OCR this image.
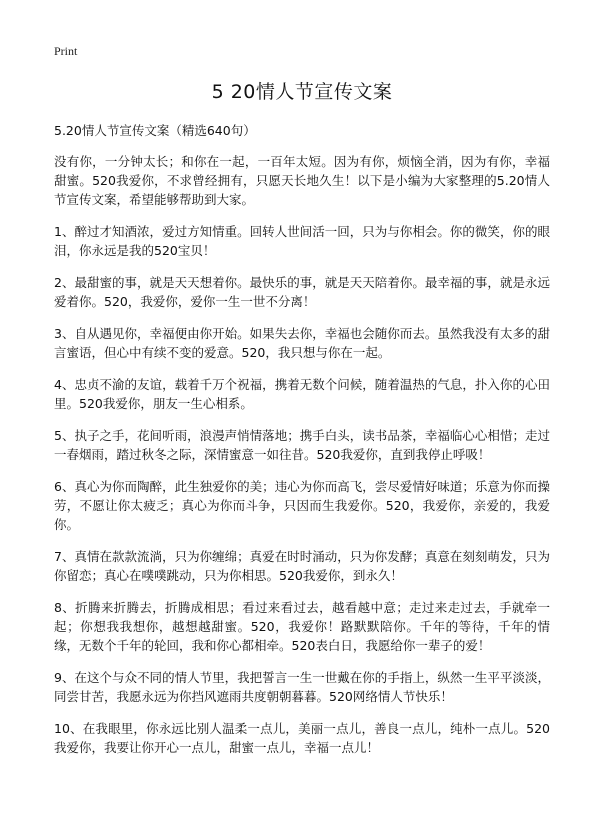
Print
5 20情人节宣传文案
5.20情人节宣传文案（精选640句）

没有你，一分钟太长；和你在一起，一百年太短。因为有你，烦恼全消，因为有你，幸福甜蜜。520我爱你，不求曾经拥有，只愿天长地久生！以下是小编为大家整理的5.20情人节宣传文案，希望能够帮助到大家。

1、醉过才知酒浓，爱过方知情重。回转人世间活一回，只为与你相会。你的微笑，你的眼泪，你永远是我的520宝贝！

2、最甜蜜的事，就是天天想着你。最快乐的事，就是天天陪着你。最幸福的事，就是永远爱着你。520，我爱你，爱你一生一世不分离！

3、自从遇见你，幸福便由你开始。如果失去你，幸福也会随你而去。虽然我没有太多的甜言蜜语，但心中有续不变的爱意。520，我只想与你在一起。

4、忠贞不渝的友谊，载着千万个祝福，携着无数个问候，随着温热的气息，扑入你的心田里。520我爱你，朋友一生心相系。

5、执子之手，花间听雨，浪漫声悄情落地；携手白头，读书品茶，幸福临心心相惜；走过一春烟雨，踏过秋冬之际，深情蜜意一如往昔。520我爱你，直到我停止呼吸！

6、真心为你而陶醉，此生独爱你的美；违心为你而高飞，尝尽爱情好味道；乐意为你而操劳，不愿让你太疲乏；真心为你而斗争，只因而生我爱你。520，我爱你，亲爱的，我爱你。

7、真情在款款流淌，只为你缠绵；真爱在时时涌动，只为你发酵；真意在刻刻萌发，只为你留恋；真心在噗噗跳动，只为你相思。520我爱你，到永久！

8、折腾来折腾去，折腾成相思；看过来看过去，越看越中意；走过来走过去，手就牵一起；你想我我想你，越想越甜蜜。520，我爱你！路默默陪你。千年的等待，千年的情缘，无数个千年的轮回，我和你心都相牵。520表白日，我愿给你一辈子的爱！

9、在这个与众不同的情人节里，我把誓言一生一世戴在你的手指上，纵然一生平平淡淡，同尝甘苦，我愿永远为你挡风遮雨共度朝朝暮暮。520网络情人节快乐！

10、在我眼里，你永远比别人温柔一点儿，美丽一点儿，善良一点儿，纯朴一点儿。520我爱你，我要让你开心一点儿，甜蜜一点儿，幸福一点儿！
